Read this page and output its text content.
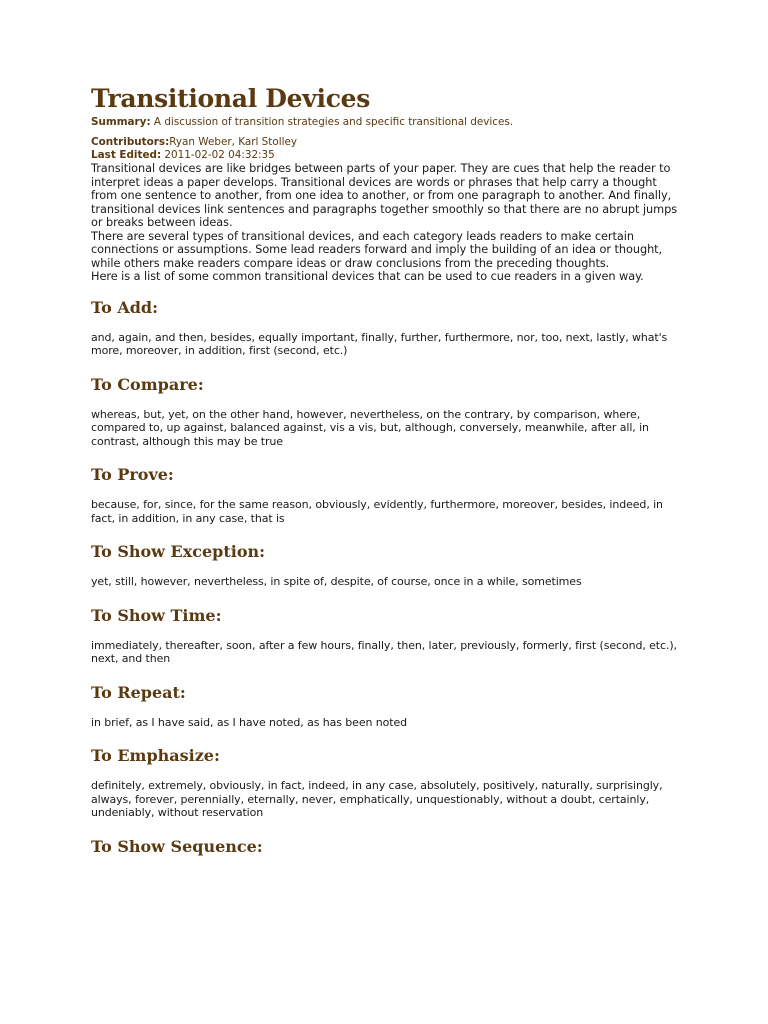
Transitional Devices
Summary: A discussion of transition strategies and specific transitional devices.
Contributors:Ryan Weber, Karl Stolley
Last Edited: 2011-02-02 04:32:35

Transitional devices are like bridges between parts of your paper. They are cues that help the reader to interpret ideas a paper develops. Transitional devices are words or phrases that help carry a thought from one sentence to another, from one idea to another, or from one paragraph to another. And finally, transitional devices link sentences and paragraphs together smoothly so that there are no abrupt jumps or breaks between ideas.

There are several types of transitional devices, and each category leads readers to make certain connections or assumptions. Some lead readers forward and imply the building of an idea or thought, while others make readers compare ideas or draw conclusions from the preceding thoughts.

Here is a list of some common transitional devices that can be used to cue readers in a given way.

To Add:

and, again, and then, besides, equally important, finally, further, furthermore, nor, too, next, lastly, what's more, moreover, in addition, first (second, etc.)

To Compare:

whereas, but, yet, on the other hand, however, nevertheless, on the contrary, by comparison, where, compared to, up against, balanced against, vis a vis, but, although, conversely, meanwhile, after all, in contrast, although this may be true

To Prove:

because, for, since, for the same reason, obviously, evidently, furthermore, moreover, besides, indeed, in fact, in addition, in any case, that is

To Show Exception:

yet, still, however, nevertheless, in spite of, despite, of course, once in a while, sometimes

To Show Time:

immediately, thereafter, soon, after a few hours, finally, then, later, previously, formerly, first (second, etc.), next, and then

To Repeat:

in brief, as I have said, as I have noted, as has been noted

To Emphasize:

definitely, extremely, obviously, in fact, indeed, in any case, absolutely, positively, naturally, surprisingly, always, forever, perennially, eternally, never, emphatically, unquestionably, without a doubt, certainly, undeniably, without reservation

To Show Sequence:
